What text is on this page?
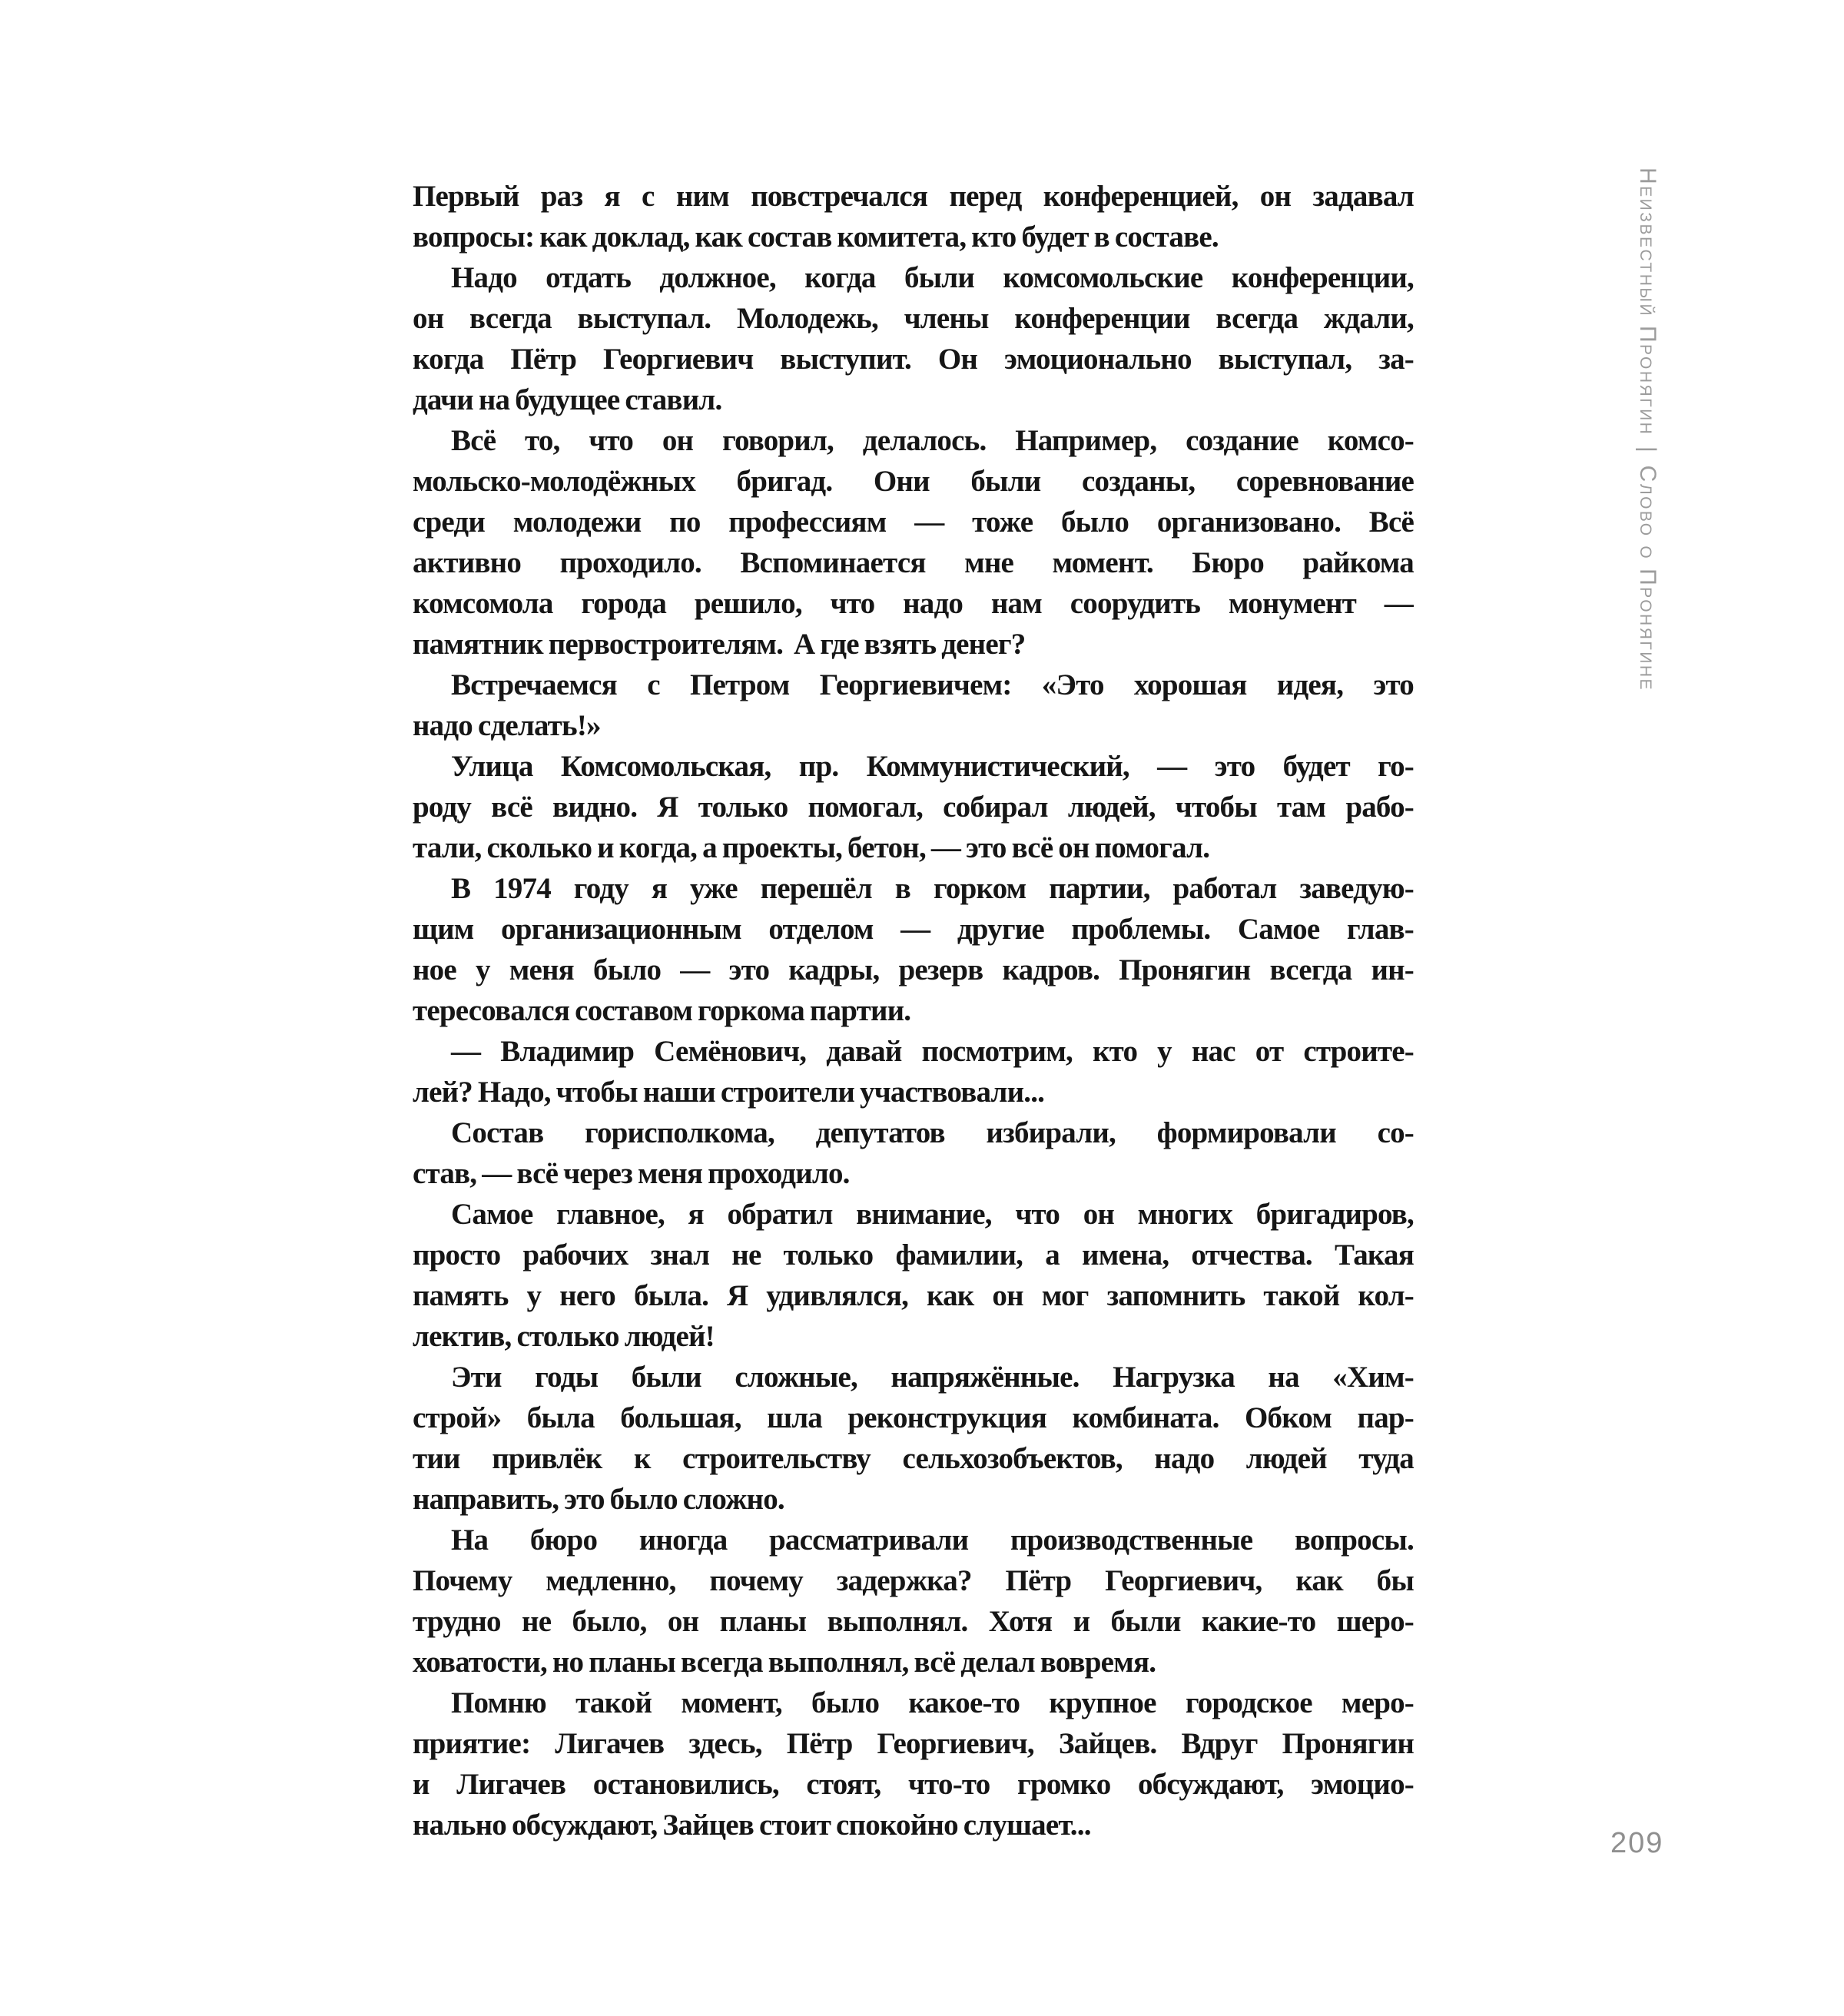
Первый раз я с ним повстречался перед конференцией, он задавал

вопросы: как доклад, как состав комитета, кто будет в составе.

Надо отдать должное, когда были комсомольские конференции,

он всегда выступал. Молодежь, члены конференции всегда ждали,

когда Пётр Георгиевич выступит. Он эмоционально выступал, за-

дачи на будущее ставил.

Всё то, что он говорил, делалось. Например, создание комсо-

мольско-молодёжных бригад. Они были созданы, соревнование

среди молодежи по профессиям — тоже было организовано. Всё

активно проходило. Вспоминается мне момент. Бюро райкома

комсомола города решило, что надо нам соорудить монумент —

памятник первостроителям.  А где взять денег?

Встречаемся с Петром Георгиевичем: «Это хорошая идея, это

надо сделать!»

Улица Комсомольская, пр. Коммунистический, — это будет го-

роду всё видно. Я только помогал, собирал людей, чтобы там рабо-

тали, сколько и когда, а проекты, бетон, — это всё он помогал.

В 1974 году я уже перешёл в горком партии, работал заведую-

щим организационным отделом — другие проблемы. Самое глав-

ное у меня было — это кадры, резерв кадров. Пронягин всегда ин-

тересовался составом горкома партии.

— Владимир Семёнович, давай посмотрим, кто у нас от строите-

лей? Надо, чтобы наши строители участвовали...

Состав горисполкома, депутатов избирали, формировали со-

став, — всё через меня проходило.

Самое главное, я обратил внимание, что он многих бригадиров,

просто рабочих знал не только фамилии, а имена, отчества. Такая

память у него была. Я удивлялся, как он мог запомнить такой кол-

лектив, столько людей!

Эти годы были сложные, напряжённые. Нагрузка на «Хим-

строй» была большая, шла реконструкция комбината. Обком пар-

тии привлёк к строительству сельхозобъектов, надо людей туда

направить, это было сложно.

На бюро иногда рассматривали производственные вопросы.

Почему медленно, почему задержка? Пётр Георгиевич, как бы

трудно не было, он планы выполнял. Хотя и были какие-то шеро-

ховатости, но планы всегда выполнял, всё делал вовремя.

Помню такой момент, было какое-то крупное городское меро-

приятие: Лигачев здесь, Пётр Георгиевич, Зайцев. Вдруг Пронягин

и Лигачев остановились, стоят, что-то громко обсуждают, эмоцио-

нально обсуждают, Зайцев стоит спокойно слушает...

Неизвестный Пронягин|Слово о Пронягине
209
